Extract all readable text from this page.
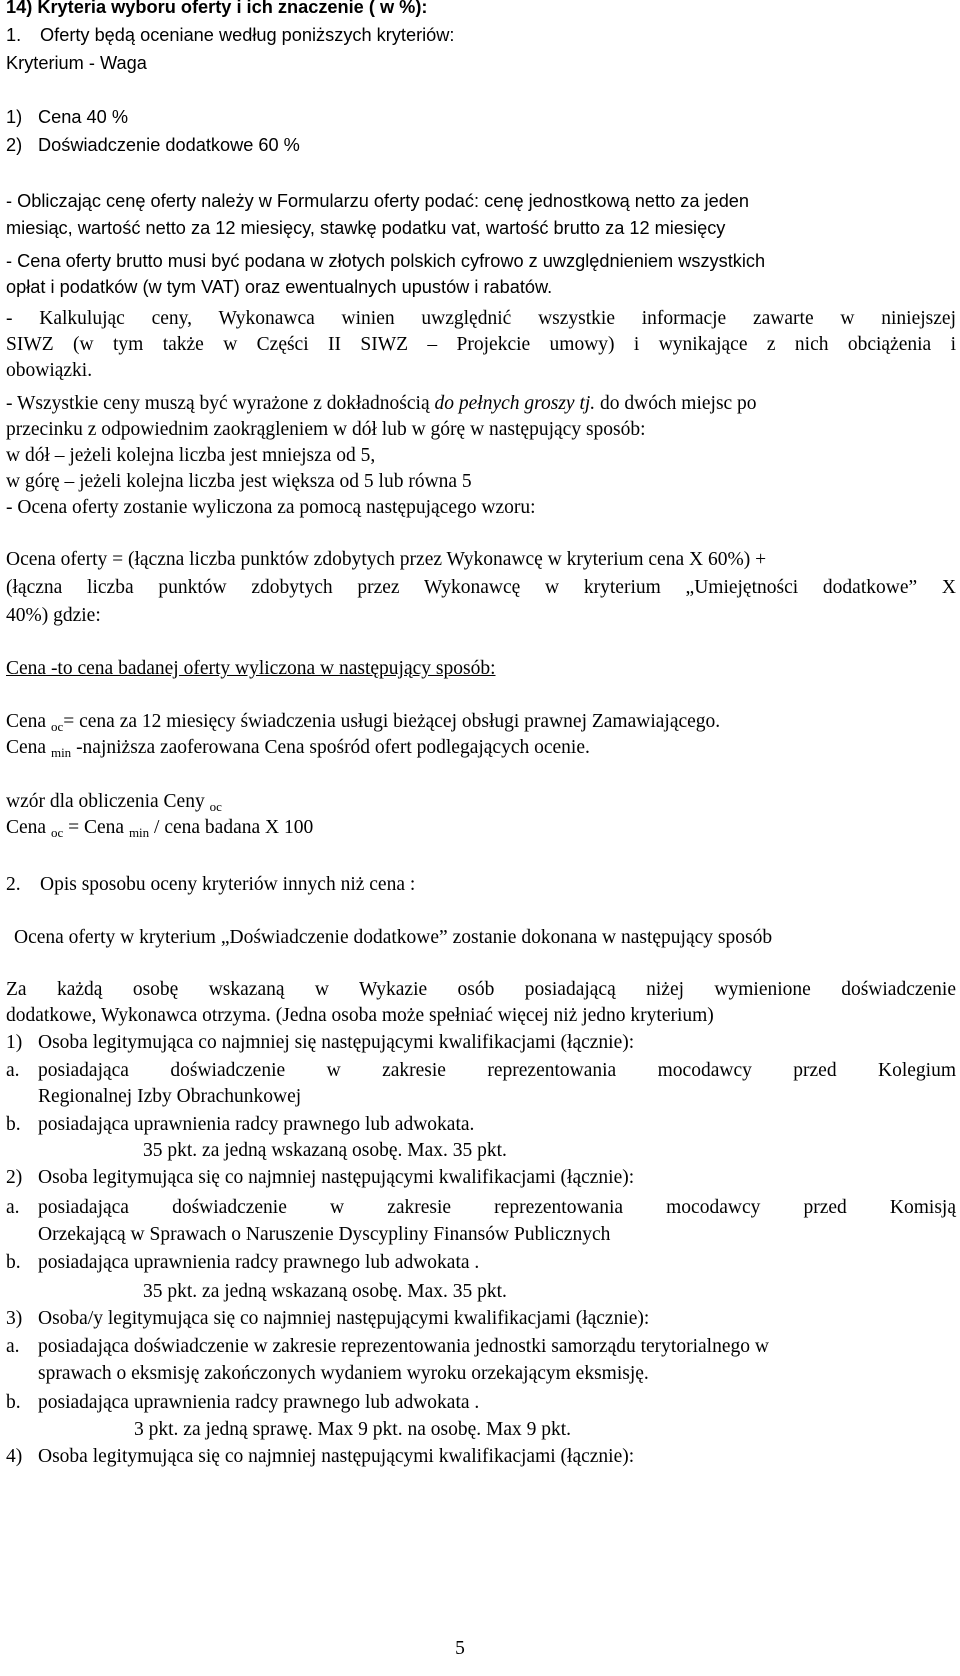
14) Kryteria wyboru oferty i ich znaczenie ( w %):
1. Oferty będą oceniane według poniższych kryteriów:
Kryterium - Waga
1) Cena 40 %
2) Doświadczenie dodatkowe 60 %
- Obliczając cenę oferty należy w Formularzu oferty podać: cenę jednostkową netto za jeden
miesiąc, wartość netto za 12 miesięcy, stawkę podatku vat, wartość brutto za 12 miesięcy
- Cena oferty brutto musi być podana w złotych polskich cyfrowo z uwzględnieniem wszystkich
opłat i podatków (w tym VAT) oraz ewentualnych upustów i rabatów.
- Kalkulując ceny, Wykonawca winien uwzględnić wszystkie informacje zawarte w niniejszej
SIWZ (w tym także w Części II SIWZ – Projekcie umowy) i wynikające z nich obciążenia i
obowiązki.
- Wszystkie ceny muszą być wyrażone z dokładnością do pełnych groszy tj. do dwóch miejsc po
przecinku z odpowiednim zaokrągleniem w dół lub w górę w następujący sposób:
w dół – jeżeli kolejna liczba jest mniejsza od 5,
w górę – jeżeli kolejna liczba jest większa od 5 lub równa 5
- Ocena oferty zostanie wyliczona za pomocą następującego wzoru:
Ocena oferty = (łączna liczba punktów zdobytych przez Wykonawcę w kryterium cena X 60%) +
(łączna liczba punktów zdobytych przez Wykonawcę w kryterium „Umiejętności dodatkowe” X
40%) gdzie:
Cena -to cena badanej oferty wyliczona w następujący sposób:
Cena $_{oc}$= cena za 12 miesięcy świadczenia usługi bieżącej obsługi prawnej Zamawiającego.
Cena $_{min}$ -najniższa zaoferowana Cena spośród ofert podlegających ocenie.
wzór dla obliczenia Ceny $_{oc}$
Cena $_{oc}$ = Cena $_{min}$ / cena badana X 100
2. Opis sposobu oceny kryteriów innych niż cena :
Ocena oferty w kryterium „Doświadczenie dodatkowe” zostanie dokonana w następujący sposób
Za każdą osobę wskazaną w Wykazie osób posiadającą niżej wymienione doświadczenie
dodatkowe, Wykonawca otrzyma. (Jedna osoba może spełniać więcej niż jedno kryterium)
1) Osoba legitymująca co najmniej się następującymi kwalifikacjami (łącznie):
a. posiadająca doświadczenie w zakresie reprezentowania mocodawcy przed Kolegium
Regionalnej Izby Obrachunkowej
b. posiadająca uprawnienia radcy prawnego lub adwokata.
35 pkt. za jedną wskazaną osobę. Max. 35 pkt.
2) Osoba legitymująca się co najmniej następującymi kwalifikacjami (łącznie):
a. posiadająca doświadczenie w zakresie reprezentowania mocodawcy przed Komisją
Orzekającą w Sprawach o Naruszenie Dyscypliny Finansów Publicznych
b. posiadająca uprawnienia radcy prawnego lub adwokata .
35 pkt. za jedną wskazaną osobę. Max. 35 pkt.
3) Osoba/y legitymująca się co najmniej następującymi kwalifikacjami (łącznie):
a. posiadająca doświadczenie w zakresie reprezentowania jednostki samorządu terytorialnego w
sprawach o eksmisję zakończonych wydaniem wyroku orzekającym eksmisję.
b. posiadająca uprawnienia radcy prawnego lub adwokata .
3 pkt. za jedną sprawę. Max 9 pkt. na osobę. Max 9 pkt.
4) Osoba legitymująca się co najmniej następującymi kwalifikacjami (łącznie):
5
